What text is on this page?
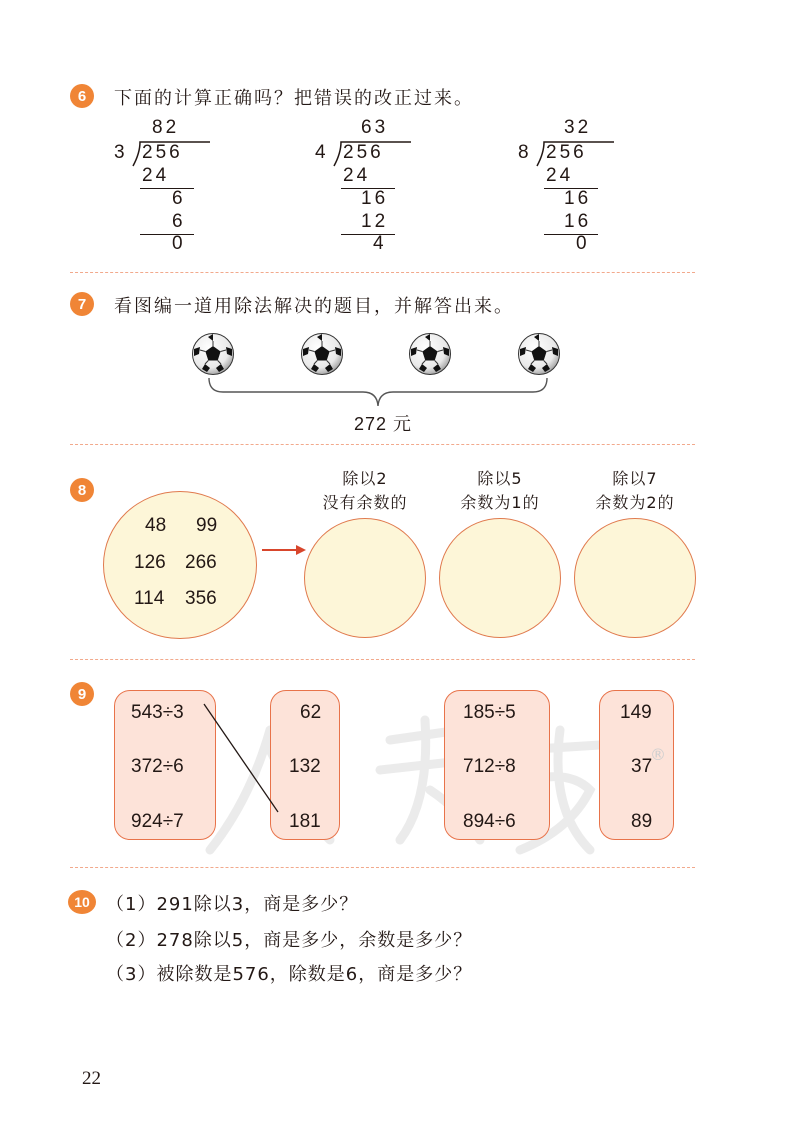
6	下面的计算正确吗？把错误的改正过来。
82
3 256
24
6
6
0
63
4 256
24
16
12
4
32
8 256
24
16
16
0
7	看图编一道用除法解决的题目，并解答出来。
272 元
8
48 99
126 266
114 356
除以2
没有余数的
除以5
余数为1的
除以7
余数为2的
9
543÷3
372÷6
924÷7
62
132
181
185÷5
712÷8
894÷6
149
37
89
®
10 （1）291除以3，商是多少？
（2）278除以5，商是多少，余数是多少？
（3）被除数是576，除数是6，商是多少？
22
